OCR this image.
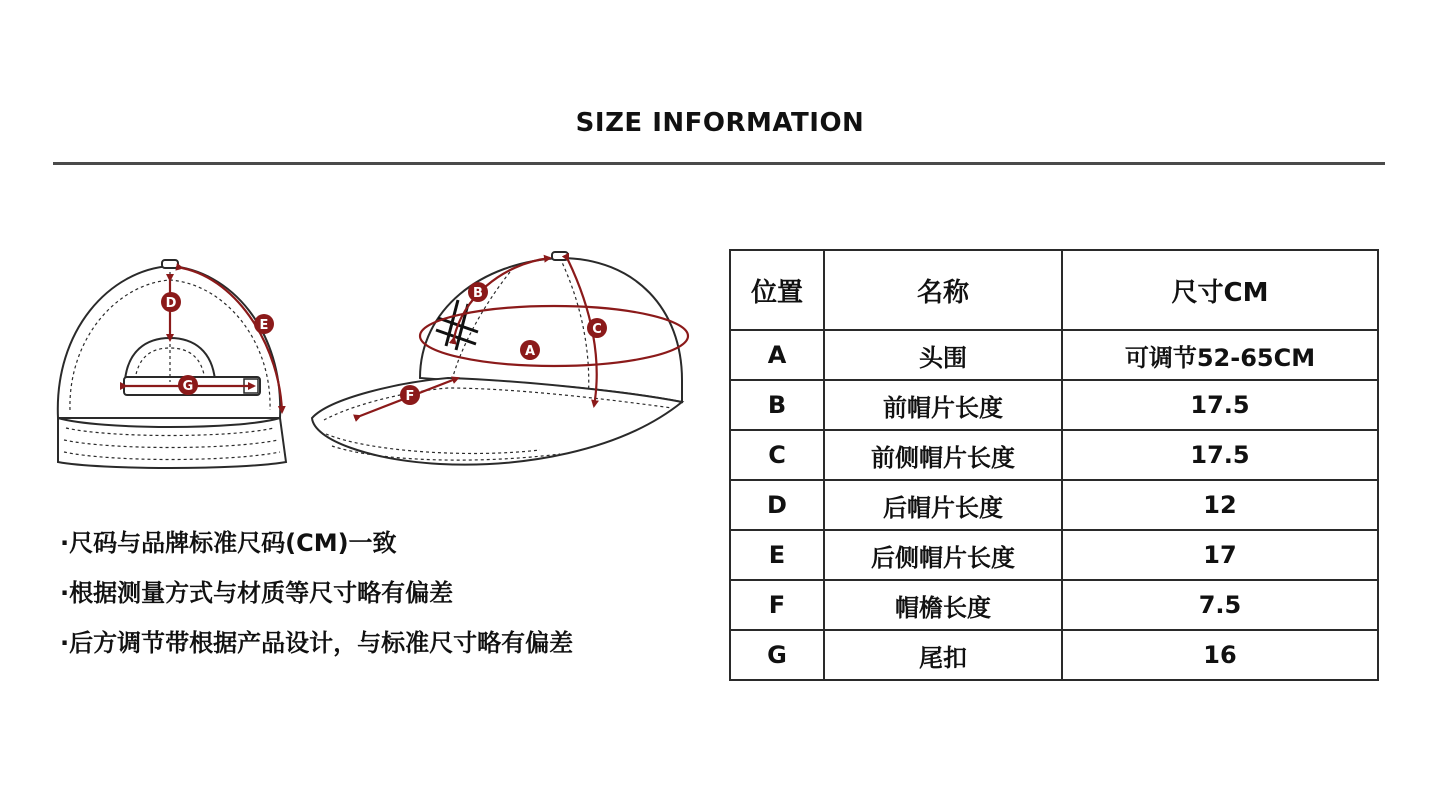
SIZE INFORMATION
A
B
C
D
E
F
G
·尺码与品牌标准尺码(CM)一致
·根据测量方式与材质等尺寸略有偏差
·后方调节带根据产品设计，与标准尺寸略有偏差
位置	名称	尺寸CM
A	头围	可调节52-65CM
B	前帽片长度	17.5
C	前侧帽片长度	17.5
D	后帽片长度	12
E	后侧帽片长度	17
F	帽檐长度	7.5
G	尾扣	16
